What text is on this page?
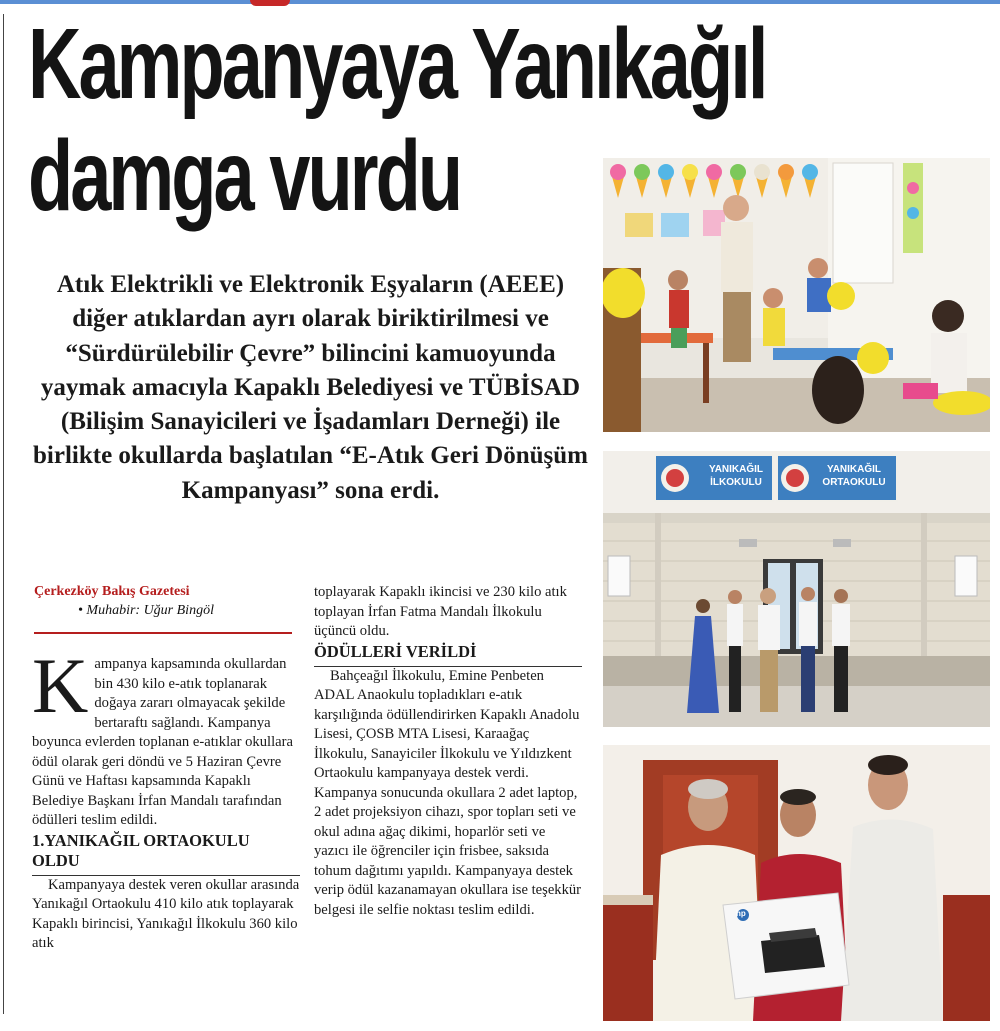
Kampanyaya Yanıkağıl
damga vurdu

Atık Elektrikli ve Elektronik Eşyaların (AEEE) diğer atıklardan ayrı olarak biriktirilmesi ve “Sürdürülebilir Çevre” bilincini kamuoyunda yaymak amacıyla Kapaklı Belediyesi ve TÜBİSAD (Bilişim Sanayicileri ve İşadamları Derneği) ile birlikte okullarda başlatılan “E-Atık Geri Dönüşüm Kampanyası” sona erdi.

Çerkezköy Bakış Gazetesi
• Muhabir: Uğur Bingöl

Kampanya kapsamında okullardan bin 430 kilo e-atık toplanarak doğaya zararı olmayacak şekilde bertaraftı sağlandı. Kampanya boyunca evlerden toplanan e-atıklar okullara ödül olarak geri döndü ve 5 Haziran Çevre Günü ve Haftası kapsamında Kapaklı Belediye Başkanı İrfan Mandalı tarafından ödülleri teslim edildi.

1.YANIKAĞIL ORTAOKULU OLDU

Kampanyaya destek veren okullar arasında Yanıkağıl Ortaokulu 410 kilo atık toplayarak Kapaklı birincisi, Yanıkağıl İlkokulu 360 kilo atık

toplayarak Kapaklı ikincisi ve 230 kilo atık toplayan İrfan Fatma Mandalı İlkokulu üçüncü oldu.

ÖDÜLLERİ VERİLDİ

Bahçeağıl İlkokulu, Emine Penbeten ADAL Anaokulu topladıkları e-atık karşılığında ödüllendirirken Kapaklı Anadolu Lisesi, ÇOSB MTA Lisesi, Karaağaç İlkokulu, Sanayiciler İlkokulu ve Yıldızkent Ortaokulu kampanyaya destek verdi. Kampanya sonucunda okullara 2 adet laptop, 2 adet projeksiyon cihazı, spor topları seti ve okul adına ağaç dikimi, hoparlör seti ve yazıcı ile öğrenciler için frisbee, saksıda tohum dağıtımı yapıldı. Kampanyaya destek verip ödül kazanamayan okullara ise teşekkür belgesi ile selfie noktası teslim edildi.

YANIKAĞIL İLKOKULU
YANIKAĞIL ORTAOKULU
hp
